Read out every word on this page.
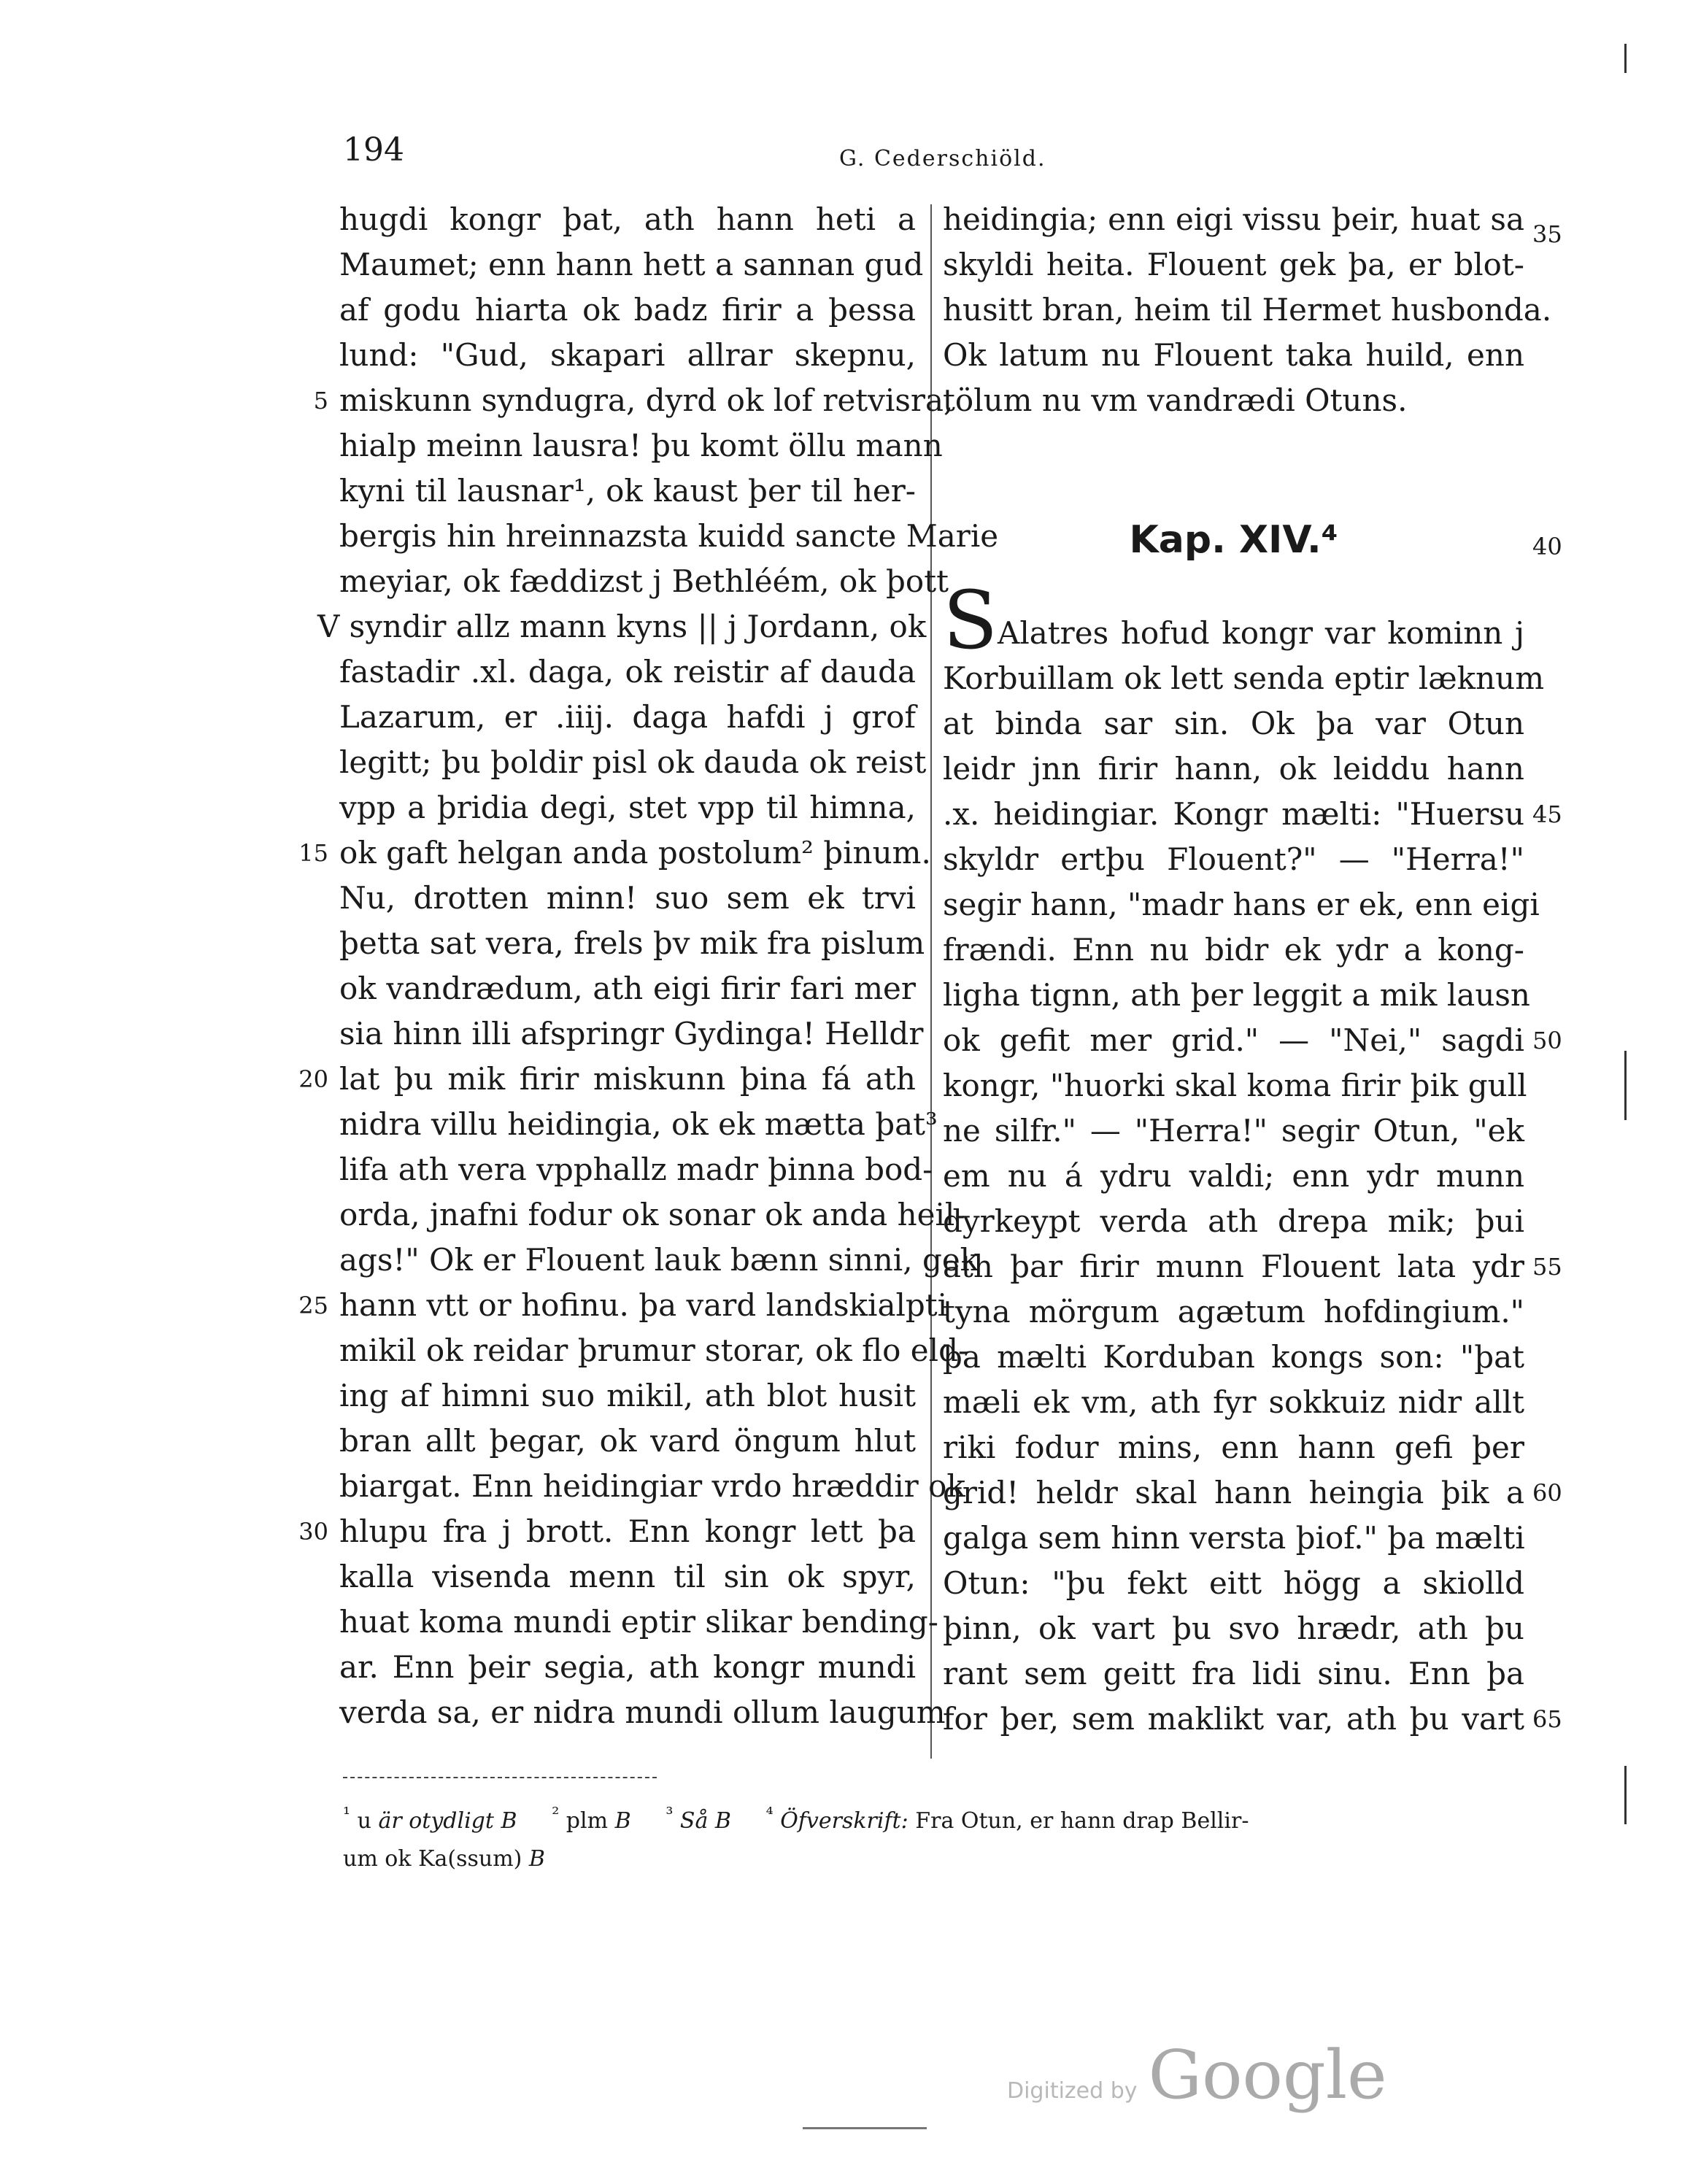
194	G. Cederschiöld.
hugdi kongr þat, ath hann heti a
Maumet; enn hann hett a sannan gud
af godu hiarta ok badz firir a þessa
lund: "Gud, skapari allrar skepnu,
miskunn syndugra, dyrd ok lof retvisra,
hialp meinn lausra! þu komt öllu mann
kyni til lausnar¹, ok kaust þer til her-
bergis hin hreinnazsta kuidd sancte Marie
meyiar, ok fæddizst j Bethléém, ok þott
V syndir allz mann kyns || j Jordann, ok
fastadir .xl. daga, ok reistir af dauda
Lazarum, er .iiij. daga hafdi j grof
legitt; þu þoldir pisl ok dauda ok reist
vpp a þridia degi, stet vpp til himna,
ok gaft helgan anda postolum² þinum.
Nu, drotten minn! suo sem ek trvi
þetta sat vera, frels þv mik fra pislum
ok vandrædum, ath eigi firir fari mer
sia hinn illi afspringr Gydinga! Helldr
lat þu mik firir miskunn þina fá ath
nidra villu heidingia, ok ek mætta þat³
lifa ath vera vpphallz madr þinna bod-
orda, jnafni fodur ok sonar ok anda heil-
ags!" Ok er Flouent lauk bænn sinni, gek
hann vtt or hofinu. þa vard landskialpti
mikil ok reidar þrumur storar, ok flo eld-
ing af himni suo mikil, ath blot husit
bran allt þegar, ok vard öngum hlut
biargat. Enn heidingiar vrdo hræddir ok
hlupu fra j brott. Enn kongr lett þa
kalla visenda menn til sin ok spyr,
huat koma mundi eptir slikar bending-
ar. Enn þeir segia, ath kongr mundi
verda sa, er nidra mundi ollum laugum
5
15
20
25
30
heidingia; enn eigi vissu þeir, huat sa
skyldi heita. Flouent gek þa, er blot-
husitt bran, heim til Hermet husbonda.
Ok latum nu Flouent taka huild, enn
tölum nu vm vandrædi Otuns.
Alatres hofud kongr var kominn j
Korbuillam ok lett senda eptir læknum
at binda sar sin. Ok þa var Otun
leidr jnn firir hann, ok leiddu hann
.x. heidingiar. Kongr mælti: "Huersu
skyldr ertþu Flouent?" — "Herra!"
segir hann, "madr hans er ek, enn eigi
frændi. Enn nu bidr ek ydr a kong-
ligha tignn, ath þer leggit a mik lausn
ok gefit mer grid." — "Nei," sagdi
kongr, "huorki skal koma firir þik gull
ne silfr." — "Herra!" segir Otun, "ek
em nu á ydru valdi; enn ydr munn
dyrkeypt verda ath drepa mik; þui
ath þar firir munn Flouent lata ydr
tyna mörgum agætum hofdingium."
þa mælti Korduban kongs son: "þat
mæli ek vm, ath fyr sokkuiz nidr allt
riki fodur mins, enn hann gefi þer
grid! heldr skal hann heingia þik a
galga sem hinn versta þiof." þa mælti
Otun: "þu fekt eitt högg a skiolld
þinn, ok vart þu svo hrædr, ath þu
rant sem geitt fra lidi sinu. Enn þa
for þer, sem maklikt var, ath þu vart
Kap. XIV.⁴
S
35
40
45
50
55
60
65
$^{^1}$ u är otydligt B $^{^2}$ plm B $^{^3}$ Så B $^{^4}$ Öfverskrift: Fra Otun, er hann drap Bellir-
um ok Ka(ssum) B
Digitized by Google
